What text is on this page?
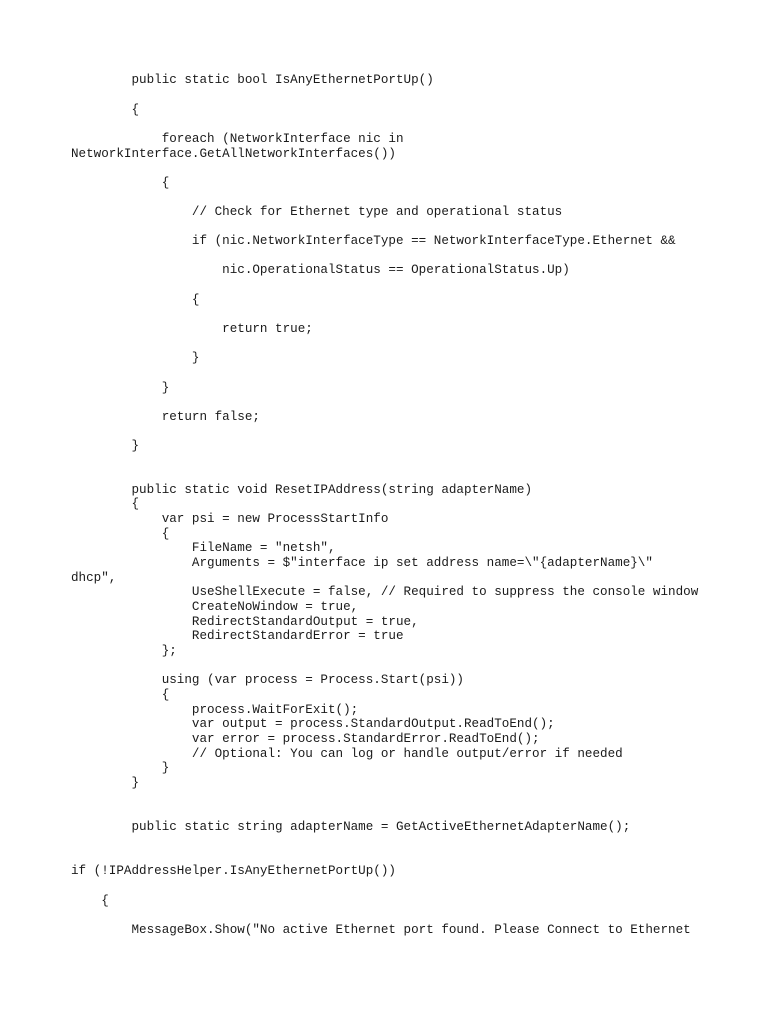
public static bool IsAnyEthernetPortUp()
{
foreach (NetworkInterface nic in
NetworkInterface.GetAllNetworkInterfaces())
{
// Check for Ethernet type and operational status
if (nic.NetworkInterfaceType == NetworkInterfaceType.Ethernet &&
nic.OperationalStatus == OperationalStatus.Up)
{
return true;
}
}
return false;
}
public static void ResetIPAddress(string adapterName)
{
var psi = new ProcessStartInfo
{
FileName = "netsh",
Arguments = $"interface ip set address name=\"{adapterName}\"
dhcp",
UseShellExecute = false, // Required to suppress the console window
CreateNoWindow = true,
RedirectStandardOutput = true,
RedirectStandardError = true
};
using (var process = Process.Start(psi))
{
process.WaitForExit();
var output = process.StandardOutput.ReadToEnd();
var error = process.StandardError.ReadToEnd();
// Optional: You can log or handle output/error if needed
}
}
public static string adapterName = GetActiveEthernetAdapterName();
if (!IPAddressHelper.IsAnyEthernetPortUp())
{
MessageBox.Show("No active Ethernet port found. Please Connect to Ethernet
